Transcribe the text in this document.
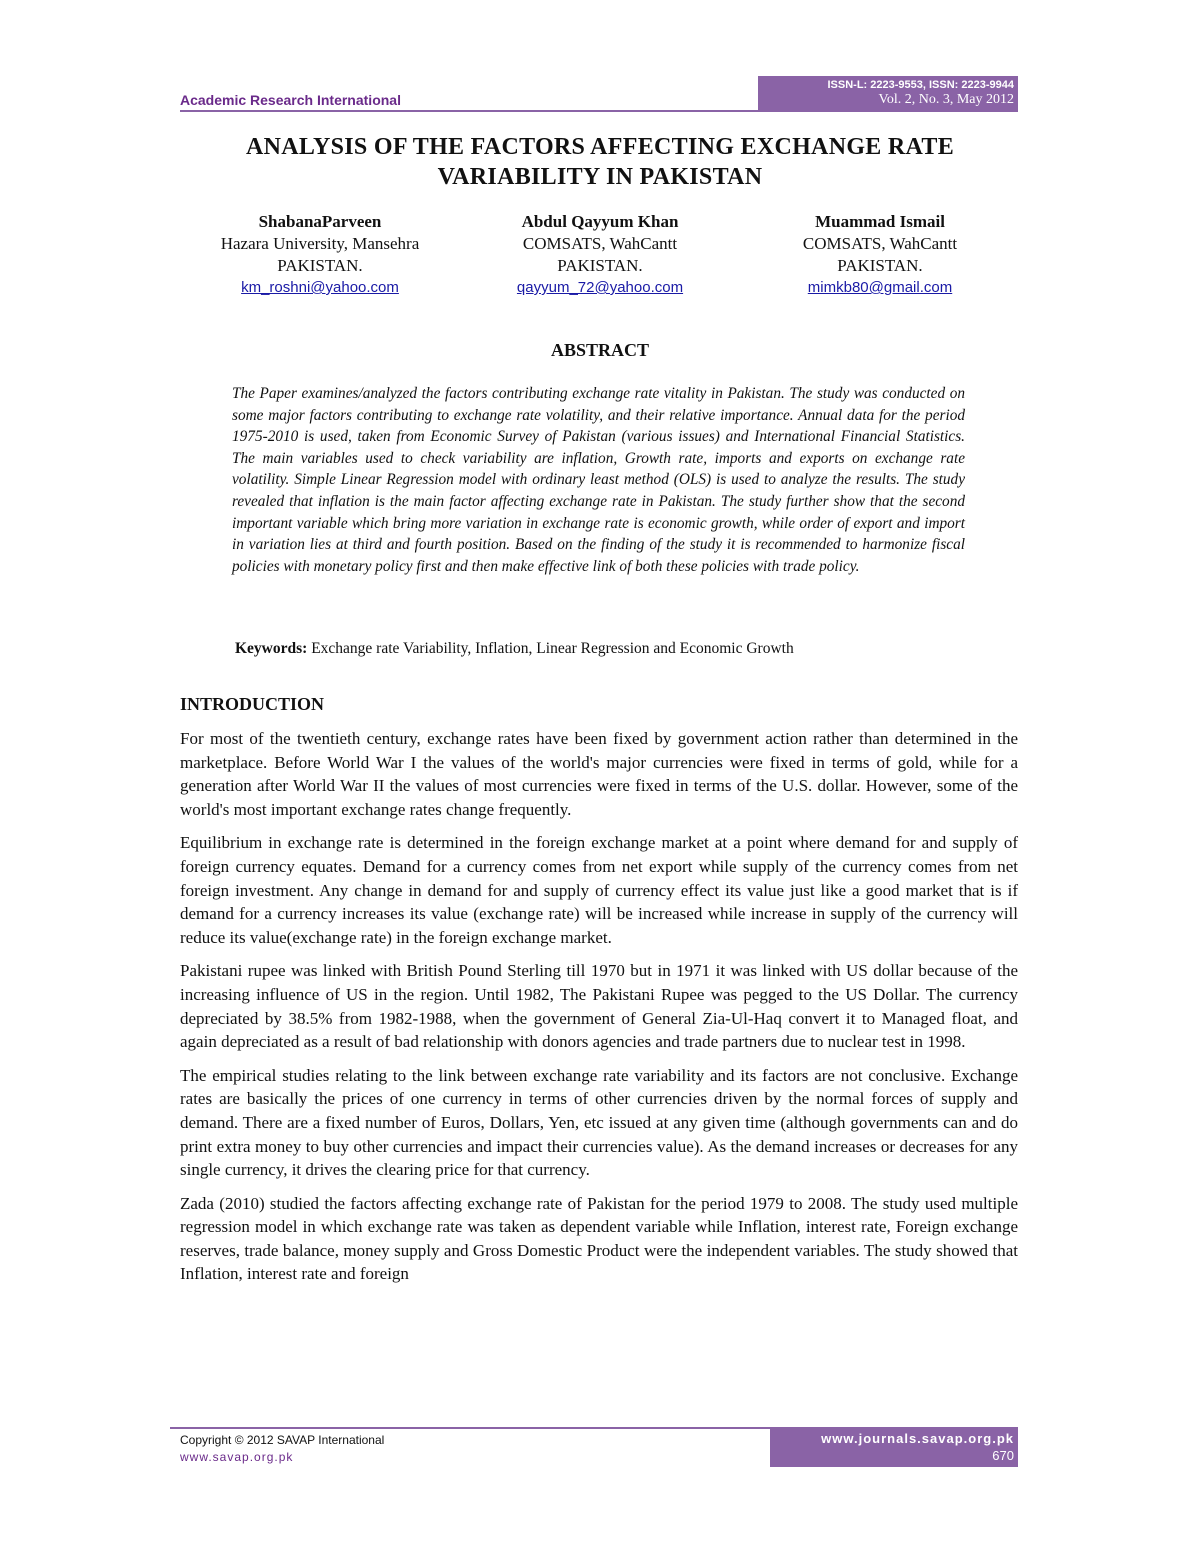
Academic Research International
ISSN-L: 2223-9553, ISSN: 2223-9944
Vol. 2, No. 3, May 2012
ANALYSIS OF THE FACTORS AFFECTING EXCHANGE RATE
VARIABILITY IN PAKISTAN
ShabanaParveen
Hazara University, Mansehra
PAKISTAN.
km_roshni@yahoo.com
Abdul Qayyum Khan
COMSATS, WahCantt
PAKISTAN.
qayyum_72@yahoo.com
Muammad Ismail
COMSATS, WahCantt
PAKISTAN.
mimkb80@gmail.com
ABSTRACT
The Paper examines/analyzed the factors contributing exchange rate vitality in Pakistan. The study was conducted on some major factors contributing to exchange rate volatility, and their relative importance. Annual data for the period 1975-2010 is used, taken from Economic Survey of Pakistan (various issues) and International Financial Statistics. The main variables used to check variability are inflation, Growth rate, imports and exports on exchange rate volatility. Simple Linear Regression model with ordinary least method (OLS) is used to analyze the results. The study revealed that inflation is the main factor affecting exchange rate in Pakistan. The study further show that the second important variable which bring more variation in exchange rate is economic growth, while order of export and import in variation lies at third and fourth position. Based on the finding of the study it is recommended to harmonize fiscal policies with monetary policy first and then make effective link of both these policies with trade policy.
Keywords: Exchange rate Variability, Inflation, Linear Regression and Economic Growth
INTRODUCTION

For most of the twentieth century, exchange rates have been fixed by government action rather than determined in the marketplace. Before World War I the values of the world's major currencies were fixed in terms of gold, while for a generation after World War II the values of most currencies were fixed in terms of the U.S. dollar. However, some of the world's most important exchange rates change frequently.

Equilibrium in exchange rate is determined in the foreign exchange market at a point where demand for and supply of foreign currency equates. Demand for a currency comes from net export while supply of the currency comes from net foreign investment. Any change in demand for and supply of currency effect its value just like a good market that is if demand for a currency increases its value (exchange rate) will be increased while increase in supply of the currency will reduce its value(exchange rate) in the foreign exchange market.

Pakistani rupee was linked with British Pound Sterling till 1970 but in 1971 it was linked with US dollar because of the increasing influence of US in the region. Until 1982, The Pakistani Rupee was pegged to the US Dollar. The currency depreciated by 38.5% from 1982-1988, when the government of General Zia-Ul-Haq convert it to Managed float, and again depreciated as a result of bad relationship with donors agencies and trade partners due to nuclear test in 1998.

The empirical studies relating to the link between exchange rate variability and its factors are not conclusive. Exchange rates are basically the prices of one currency in terms of other currencies driven by the normal forces of supply and demand. There are a fixed number of Euros, Dollars, Yen, etc issued at any given time (although governments can and do print extra money to buy other currencies and impact their currencies value). As the demand increases or decreases for any single currency, it drives the clearing price for that currency.

Zada (2010) studied the factors affecting exchange rate of Pakistan for the period 1979 to 2008. The study used multiple regression model in which exchange rate was taken as dependent variable while Inflation, interest rate, Foreign exchange reserves, trade balance, money supply and Gross Domestic Product were the independent variables. The study showed that Inflation, interest rate and foreign

Copyright © 2012 SAVAP International
www.savap.org.pk
www.journals.savap.org.pk
670
